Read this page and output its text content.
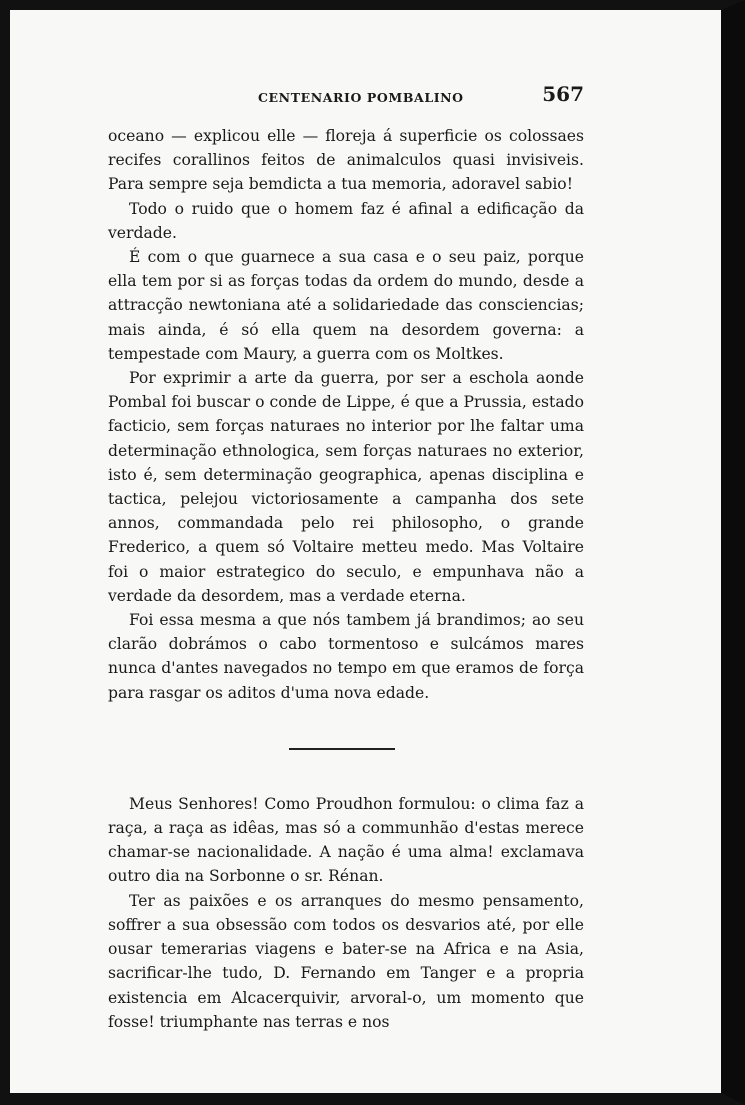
CENTENARIO POMBALINO	567

oceano — explicou elle — floreja á superficie os colossaes recifes corallinos feitos de animalculos quasi invisiveis. Para sempre seja bemdicta a tua memoria, adoravel sabio!

Todo o ruido que o homem faz é afinal a edificação da verdade.

É com o que guarnece a sua casa e o seu paiz, porque ella tem por si as forças todas da ordem do mundo, desde a attracção newtoniana até a solidariedade das consciencias; mais ainda, é só ella quem na desordem governa: a tempestade com Maury, a guerra com os Moltkes.

Por exprimir a arte da guerra, por ser a eschola aonde Pombal foi buscar o conde de Lippe, é que a Prussia, estado facticio, sem forças naturaes no interior por lhe faltar uma determinação ethnologica, sem forças naturaes no exterior, isto é, sem determinação geographica, apenas disciplina e tactica, pelejou victoriosamente a campanha dos sete annos, commandada pelo rei philosopho, o grande Frederico, a quem só Voltaire metteu medo. Mas Voltaire foi o maior estrategico do seculo, e empunhava não a verdade da desordem, mas a verdade eterna.

Foi essa mesma a que nós tambem já brandimos; ao seu clarão dobrámos o cabo tormentoso e sulcámos mares nunca d'antes navegados no tempo em que eramos de força para rasgar os aditos d'uma nova edade.

Meus Senhores! Como Proudhon formulou: o clima faz a raça, a raça as idêas, mas só a communhão d'estas merece chamar-se nacionalidade. A nação é uma alma! exclamava outro dia na Sorbonne o sr. Rénan.

Ter as paixões e os arranques do mesmo pensamento, soffrer a sua obsessão com todos os desvarios até, por elle ousar temerarias viagens e bater-se na Africa e na Asia, sacrificar-lhe tudo, D. Fernando em Tanger e a propria existencia em Alcacerquivir, arvoral-o, um momento que fosse! triumphante nas terras e nos
